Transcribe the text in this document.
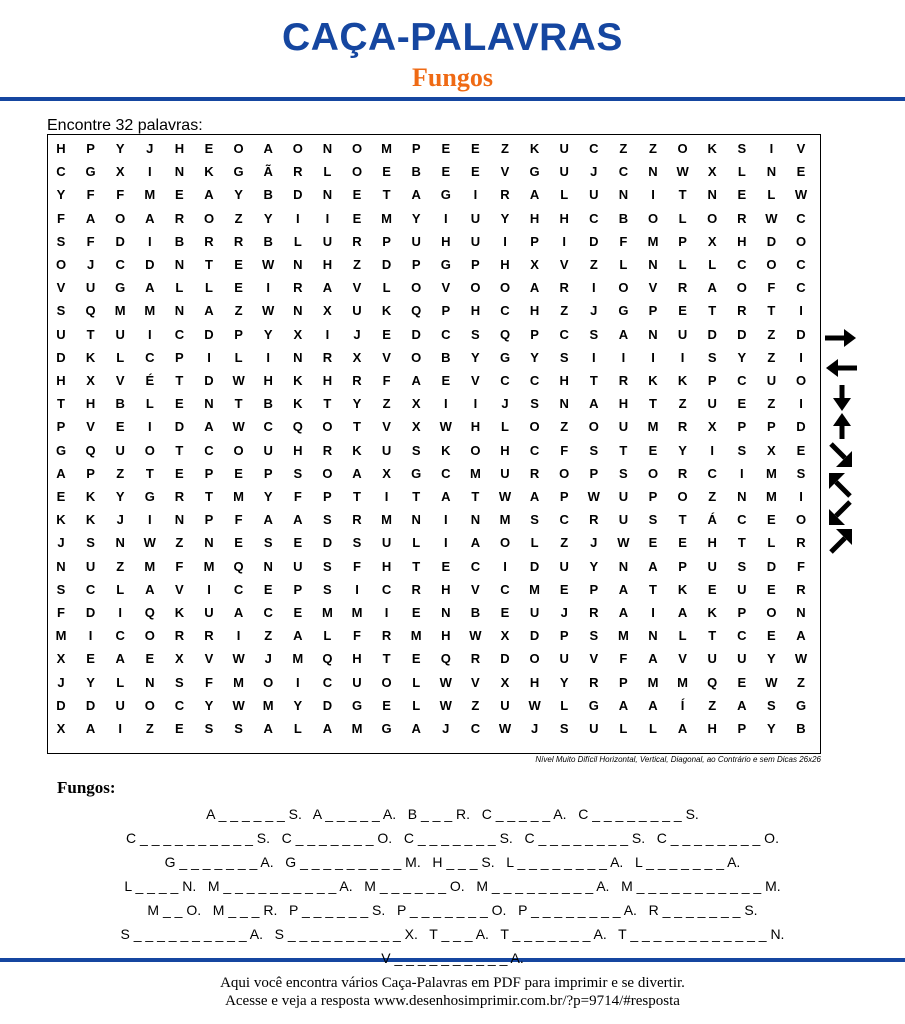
CAÇA-PALAVRAS
Fungos
Encontre 32 palavras:
H	P	Y	J	H	E	O	A	O	N	O	M	P	E	E	Z	K	U	C	Z	Z	O	K	S	I	V
C	G	X	I	N	K	G	Ã	R	L	O	E	B	E	E	V	G	U	J	C	N	W	X	L	N	E
Y	F	F	M	E	A	Y	B	D	N	E	T	A	G	I	R	A	L	U	N	I	T	N	E	L	W
F	A	O	A	R	O	Z	Y	I	I	E	M	Y	I	U	Y	H	H	C	B	O	L	O	R	W	C
S	F	D	I	B	R	R	B	L	U	R	P	U	H	U	I	P	I	D	F	M	P	X	H	D	O
O	J	C	D	N	T	E	W	N	H	Z	D	P	G	P	H	X	V	Z	L	N	L	L	C	O	C
V	U	G	A	L	L	E	I	R	A	V	L	O	V	O	O	A	R	I	O	V	R	A	O	F	C
S	Q	M	M	N	A	Z	W	N	X	U	K	Q	P	H	C	H	Z	J	G	P	E	T	R	T	I
U	T	U	I	C	D	P	Y	X	I	J	E	D	C	S	Q	P	C	S	A	N	U	D	D	Z	D
D	K	L	C	P	I	L	I	N	R	X	V	O	B	Y	G	Y	S	I	I	I	I	S	Y	Z	I
H	X	V	É	T	D	W	H	K	H	R	F	A	E	V	C	C	H	T	R	K	K	P	C	U	O
T	H	B	L	E	N	T	B	K	T	Y	Z	X	I	I	J	S	N	A	H	T	Z	U	E	Z	I
P	V	E	I	D	A	W	C	Q	O	T	V	X	W	H	L	O	Z	O	U	M	R	X	P	P	D
G	Q	U	O	T	C	O	U	H	R	K	U	S	K	O	H	C	F	S	T	E	Y	I	S	X	E
A	P	Z	T	E	P	E	P	S	O	A	X	G	C	M	U	R	O	P	S	O	R	C	I	M	S
E	K	Y	G	R	T	M	Y	F	P	T	I	T	A	T	W	A	P	W	U	P	O	Z	N	M	I
K	K	J	I	N	P	F	A	A	S	R	M	N	I	N	M	S	C	R	U	S	T	Á	C	E	O
J	S	N	W	Z	N	E	S	E	D	S	U	L	I	A	O	L	Z	J	W	E	E	H	T	L	R
N	U	Z	M	F	M	Q	N	U	S	F	H	T	E	C	I	D	U	Y	N	A	P	U	S	D	F
S	C	L	A	V	I	C	E	P	S	I	C	R	H	V	C	M	E	P	A	T	K	E	U	E	R
F	D	I	Q	K	U	A	C	E	M	M	I	E	N	B	E	U	J	R	A	I	A	K	P	O	N
M	I	C	O	R	R	I	Z	A	L	F	R	M	H	W	X	D	P	S	M	N	L	T	C	E	A
X	E	A	E	X	V	W	J	M	Q	H	T	E	Q	R	D	O	U	V	F	A	V	U	U	Y	W
J	Y	L	N	S	F	M	O	I	C	U	O	L	W	V	X	H	Y	R	P	M	M	Q	E	W	Z
D	D	U	O	C	Y	W	M	Y	D	G	E	L	W	Z	U	W	L	G	A	A	Í	Z	A	S	G
X	A	I	Z	E	S	S	A	L	A	M	G	A	J	C	W	J	S	U	L	L	A	H	P	Y	B
Nível Muito Difícil Horizontal, Vertical, Diagonal, ao Contrário e sem Dicas 26x26
Fungos:
A _ _ _ _ _ _ S.   A _ _ _ _ _ A.   B _ _ _ R.   C _ _ _ _ _ A.   C _ _ _ _ _ _ _ _ S.
C _ _ _ _ _ _ _ _ _ _ S.   C _ _ _ _ _ _ _ O.   C _ _ _ _ _ _ _ S.   C _ _ _ _ _ _ _ _ S.   C _ _ _ _ _ _ _ _ O.
G _ _ _ _ _ _ _ A.   G _ _ _ _ _ _ _ _ _ M.   H _ _ _ S.   L _ _ _ _ _ _ _ _ A.   L _ _ _ _ _ _ _ A.
L _ _ _ _ N.   M _ _ _ _ _ _ _ _ _ _ A.   M _ _ _ _ _ _ O.   M _ _ _ _ _ _ _ _ _ A.   M _ _ _ _ _ _ _ _ _ _ _ M.
M _ _ O.   M _ _ _ R.   P _ _ _ _ _ _ S.   P _ _ _ _ _ _ _ O.   P _ _ _ _ _ _ _ _ A.   R _ _ _ _ _ _ _ S.
S _ _ _ _ _ _ _ _ _ _ A.   S _ _ _ _ _ _ _ _ _ _ X.   T _ _ _ A.   T _ _ _ _ _ _ _ A.   T _ _ _ _ _ _ _ _ _ _ _ _ N.
V _ _ _ _ _ _ _ _ _ _ A.
Aqui você encontra vários Caça-Palavras em PDF para imprimir e se divertir.
Acesse e veja a resposta www.desenhosimprimir.com.br/?p=9714/#resposta
